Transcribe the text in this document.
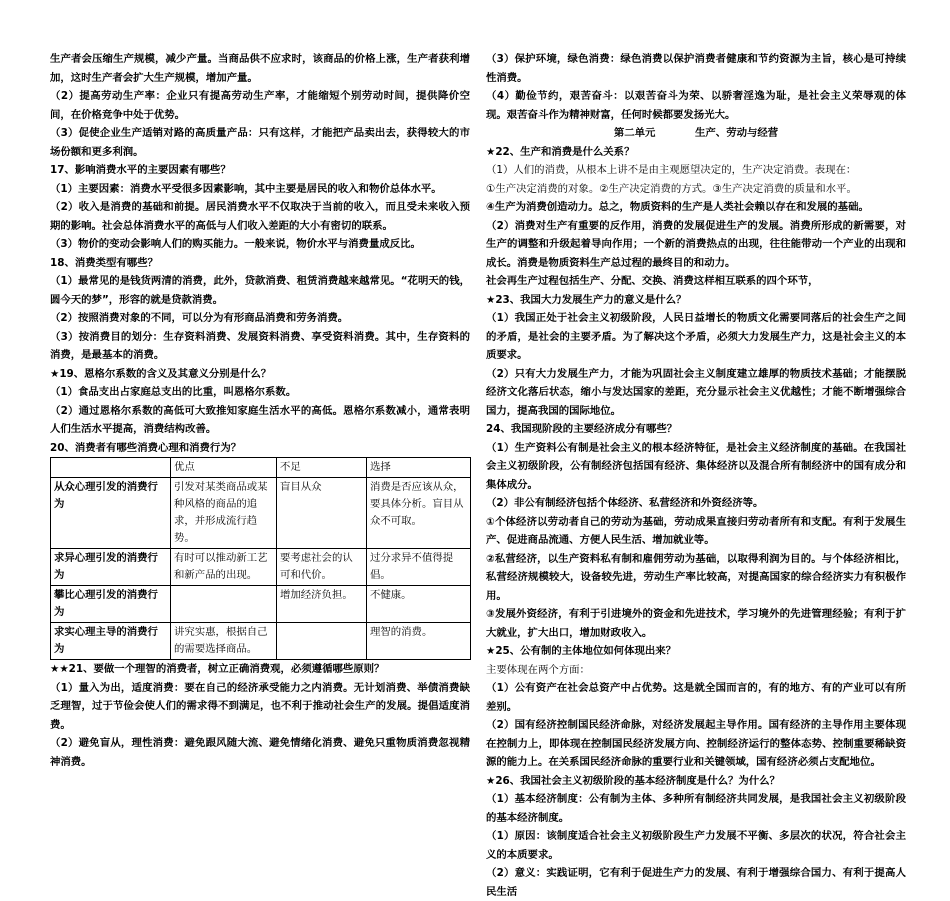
生产者会压缩生产规模，减少产量。当商品供不应求时，该商品的价格上涨，生产者获利增加，这时生产者会扩大生产规模，增加产量。

（2）提高劳动生产率：企业只有提高劳动生产率，才能缩短个别劳动时间，提供降价空间，在价格竞争中处于优势。

（3）促使企业生产适销对路的高质量产品：只有这样，才能把产品卖出去，获得较大的市场份额和更多利润。

17、影响消费水平的主要因素有哪些？

（1）主要因素：消费水平受很多因素影响，其中主要是居民的收入和物价总体水平。

（2）收入是消费的基础和前提。居民消费水平不仅取决于当前的收入，而且受未来收入预期的影响。社会总体消费水平的高低与人们收入差距的大小有密切的联系。

（3）物价的变动会影响人们的购买能力。一般来说，物价水平与消费量成反比。

18、消费类型有哪些？

（1）最常见的是钱货两清的消费，此外，贷款消费、租赁消费越来越常见。“花明天的钱，圆今天的梦”，形容的就是贷款消费。

（2）按照消费对象的不同，可以分为有形商品消费和劳务消费。

（3）按消费目的划分：生存资料消费、发展资料消费、享受资料消费。其中，生存资料的消费，是最基本的消费。

★19、恩格尔系数的含义及其意义分别是什么？

（1）食品支出占家庭总支出的比重，叫恩格尔系数。

（2）通过恩格尔系数的高低可大致推知家庭生活水平的高低。恩格尔系数减小，通常表明人们生活水平提高，消费结构改善。

20、消费者有哪些消费心理和消费行为？

	优点	不足	选择
从众心理引发的消费行为	引发对某类商品或某种风格的商品的追求，并形成流行趋势。	盲目从众	消费是否应该从众，要具体分析。盲目从众不可取。
求异心理引发的消费行为	有时可以推动新工艺和新产品的出现。	要考虑社会的认可和代价。	过分求异不值得提倡。
攀比心理引发的消费行为		增加经济负担。	不健康。
求实心理主导的消费行为	讲究实惠，根据自己的需要选择商品。		理智的消费。

★★21、要做一个理智的消费者，树立正确消费观，必须遵循哪些原则？

（1）量入为出，适度消费：要在自己的经济承受能力之内消费。无计划消费、举债消费缺乏理智，过于节俭会使人们的需求得不到满足，也不利于推动社会生产的发展。提倡适度消费。

（2）避免盲从，理性消费：避免跟风随大流、避免情绪化消费、避免只重物质消费忽视精神消费。

（3）保护环境，绿色消费：绿色消费以保护消费者健康和节约资源为主旨，核心是可持续性消费。

（4）勤俭节约，艰苦奋斗：以艰苦奋斗为荣、以骄奢淫逸为耻，是社会主义荣辱观的体现。艰苦奋斗作为精神财富，任何时候都要发扬光大。

第二单元	生产、劳动与经营

★22、生产和消费是什么关系？

（1）人们的消费，从根本上讲不是由主观愿望决定的，生产决定消费。表现在：

①生产决定消费的对象。②生产决定消费的方式。③生产决定消费的质量和水平。

④生产为消费创造动力。总之，物质资料的生产是人类社会赖以存在和发展的基础。

（2）消费对生产有重要的反作用，消费的发展促进生产的发展。消费所形成的新需要，对生产的调整和升级起着导向作用；一个新的消费热点的出现，往往能带动一个产业的出现和成长。消费是物质资料生产总过程的最终目的和动力。

社会再生产过程包括生产、分配、交换、消费这样相互联系的四个环节，

★23、我国大力发展生产力的意义是什么？

（1）我国正处于社会主义初级阶段，人民日益增长的物质文化需要同落后的社会生产之间的矛盾，是社会的主要矛盾。为了解决这个矛盾，必须大力发展生产力，这是社会主义的本质要求。

（2）只有大力发展生产力，才能为巩固社会主义制度建立雄厚的物质技术基础；才能摆脱经济文化落后状态，缩小与发达国家的差距，充分显示社会主义优越性；才能不断增强综合国力，提高我国的国际地位。

24、我国现阶段的主要经济成分有哪些？

（1）生产资料公有制是社会主义的根本经济特征，是社会主义经济制度的基础。在我国社会主义初级阶段，公有制经济包括国有经济、集体经济以及混合所有制经济中的国有成分和集体成分。

（2）非公有制经济包括个体经济、私营经济和外资经济等。

①个体经济以劳动者自己的劳动为基础，劳动成果直接归劳动者所有和支配。有利于发展生产、促进商品流通、方便人民生活、增加就业等。

②私营经济，以生产资料私有制和雇佣劳动为基础，以取得利润为目的。与个体经济相比，私营经济规模较大，设备较先进，劳动生产率比较高，对提高国家的综合经济实力有积极作用。

③发展外资经济，有利于引进境外的资金和先进技术，学习境外的先进管理经验；有利于扩大就业，扩大出口，增加财政收入。

★25、公有制的主体地位如何体现出来？

主要体现在两个方面：

（1）公有资产在社会总资产中占优势。这是就全国而言的，有的地方、有的产业可以有所差别。

（2）国有经济控制国民经济命脉，对经济发展起主导作用。国有经济的主导作用主要体现在控制力上，即体现在控制国民经济发展方向、控制经济运行的整体态势、控制重要稀缺资源的能力上。在关系国民经济命脉的重要行业和关键领域，国有经济必须占支配地位。

★26、我国社会主义初级阶段的基本经济制度是什么？为什么？

（1）基本经济制度：公有制为主体、多种所有制经济共同发展，是我国社会主义初级阶段的基本经济制度。

（1）原因：该制度适合社会主义初级阶段生产力发展不平衡、多层次的状况，符合社会主义的本质要求。

（2）意义：实践证明，它有利于促进生产力的发展、有利于增强综合国力、有利于提高人民生活
